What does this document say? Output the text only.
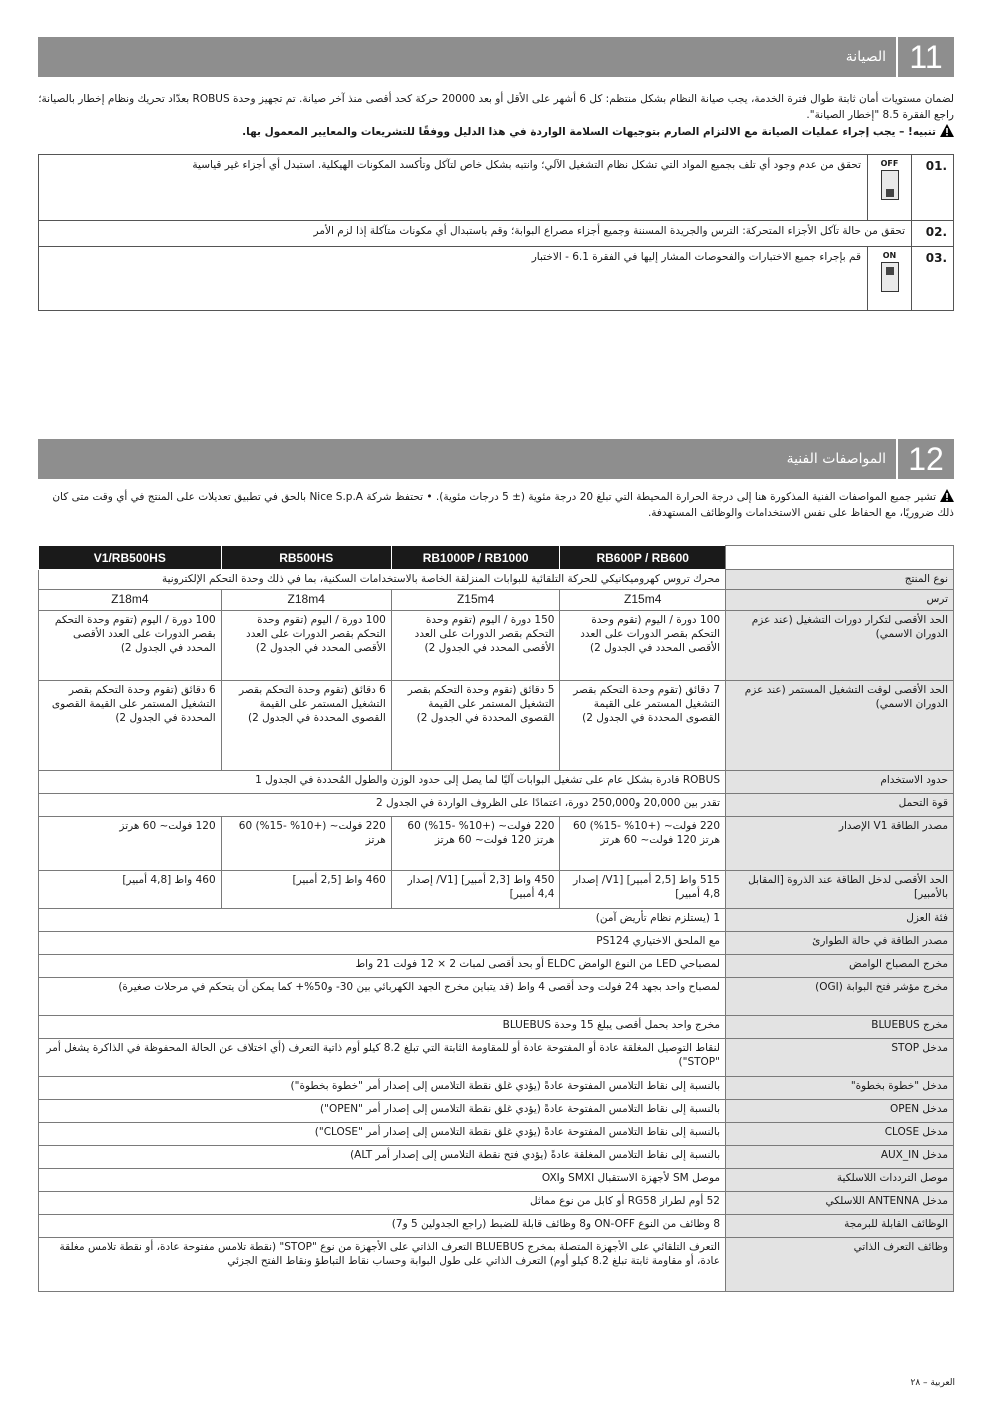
11
الصيانة
لضمان مستويات أمان ثابتة طوال فترة الخدمة، يجب صيانة النظام بشكل منتظم: كل 6 أشهر على الأقل أو بعد 20000 حركة كحد أقصى منذ آخر صيانة. تم تجهيز وحدة ROBUS بعدّاد تحريك ونظام إخطار بالصيانة؛ راجع الفقرة 8.5 "إخطار الصيانة".
تنبيه! – يجب إجراء عمليات الصيانة مع الالتزام الصارم بتوجيهات السلامة الواردة في هذا الدليل ووفقًا للتشريعات والمعايير المعمول بها.
.01	OFF	تحقق من عدم وجود أي تلف بجميع المواد التي تشكل نظام التشغيل الآلي؛ وانتبه بشكل خاص لتآكل وتأكسد المكونات الهيكلية. استبدل أي أجزاء غير قياسية
.02	تحقق من حالة تآكل الأجزاء المتحركة: الترس والجريدة المسننة وجميع أجزاء مصراع البوابة؛ وقم باستبدال أي مكونات متآكلة إذا لزم الأمر	
.03	ON	قم بإجراء جميع الاختبارات والفحوصات المشار إليها في الفقرة 6.1 - الاختبار
12
المواصفات الفنية
تشير جميع المواصفات الفنية المذكورة هنا إلى درجة الحرارة المحيطة التي تبلغ 20 درجة مئوية (± 5 درجات مئوية). • تحتفظ شركة Nice S.p.A بالحق في تطبيق تعديلات على المنتج في أي وقت متى كان ذلك ضروريًا، مع الحفاظ على نفس الاستخدامات والوظائف المستهدفة.
	RB600P / RB600	RB1000P / RB1000	RB500HS	V1/RB500HS
نوع المنتج	محرك تروس كهروميكانيكي للحركة التلقائية للبوابات المنزلقة الخاصة بالاستخدامات السكنية، بما في ذلك وحدة التحكم الإلكترونية			
ترس	Z15m4	Z15m4	Z18m4	Z18m4
الحد الأقصى لتكرار دورات التشغيل (عند عزم الدوران الاسمي)	100 دورة / اليوم (تقوم وحدة التحكم بقصر الدورات على العدد الأقصى المحدد في الجدول 2)	150 دورة / اليوم (تقوم وحدة التحكم بقصر الدورات على العدد الأقصى المحدد في الجدول 2)	100 دورة / اليوم (تقوم وحدة التحكم بقصر الدورات على العدد الأقصى المحدد في الجدول 2)	100 دورة / اليوم (تقوم وحدة التحكم بقصر الدورات على العدد الأقصى المحدد في الجدول 2)
الحد الأقصى لوقت التشغيل المستمر (عند عزم الدوران الاسمي)	7 دقائق (تقوم وحدة التحكم بقصر التشغيل المستمر على القيمة القصوى المحددة في الجدول 2)	5 دقائق (تقوم وحدة التحكم بقصر التشغيل المستمر على القيمة القصوى المحددة في الجدول 2)	6 دقائق (تقوم وحدة التحكم بقصر التشغيل المستمر على القيمة القصوى المحددة في الجدول 2)	6 دقائق (تقوم وحدة التحكم بقصر التشغيل المستمر على القيمة القصوى المحددة في الجدول 2)
حدود الاستخدام	ROBUS قادرة بشكل عام على تشغيل البوابات آليًا لما يصل إلى حدود الوزن والطول المُحددة في الجدول 1			
قوة التحمل	تقدر بين 20,000 و250,000 دورة، اعتمادًا على الظروف الواردة في الجدول 2			
مصدر الطاقة V1 الإصدار	220 فولت~ (+10% -15%) 60 هرتز 120 فولت~ 60 هرتز	220 فولت~ (+10% -15%) 60 هرتز 120 فولت~ 60 هرتز	220 فولت~ (+10% -15%) 60 هرتز	120 فولت~ 60 هرتز
الحد الأقصى لدخل الطاقة عند الذروة [المقابل بالأمبير]	515 واط [2,5 أمبير] [V1/ إصدار 4,8 أمبير]	450 واط [2,3 أمبير] [V1/ إصدار 4,4 أمبير]	460 واط [2,5 أمبير]	460 واط [4,8 أمبير]
فئة العزل	1 (يستلزم نظام تأريض آمن)			
مصدر الطاقة في حالة الطوارئ	مع الملحق الاختياري PS124			
مخرج المصباح الوامض	لمصباحي LED من النوع الوامض ELDC أو بحد أقصى لمبات 2 × 12 فولت 21 واط			
مخرج مؤشر فتح البوابة (OGI)	لمصباح واحد بجهد 24 فولت وحد أقصى 4 واط (قد يتباين مخرج الجهد الكهربائي بين 30- و50%+ كما يمكن أن يتحكم في مرحلات صغيرة)			
مخرج BLUEBUS	مخرج واحد بحمل أقصى يبلغ 15 وحدة BLUEBUS			
مدخل STOP	لنقاط التوصيل المغلقة عادة أو المفتوحة عادة أو للمقاومة الثابتة التي تبلغ 8.2 كيلو أوم ذاتية التعرف (أي اختلاف عن الحالة المحفوظة في الذاكرة يشغل أمر "STOP")			
مدخل "خطوة بخطوة"	بالنسبة إلى نقاط التلامس المفتوحة عادةً (يؤدي غلق نقطة التلامس إلى إصدار أمر "خطوة بخطوة")			
مدخل OPEN	بالنسبة إلى نقاط التلامس المفتوحة عادةً (يؤدي غلق نقطة التلامس إلى إصدار أمر "OPEN")			
مدخل CLOSE	بالنسبة إلى نقاط التلامس المفتوحة عادةً (يؤدي غلق نقطة التلامس إلى إصدار أمر "CLOSE")			
مدخل AUX_IN	بالنسبة إلى نقاط التلامس المغلقة عادةً (يؤدي فتح نقطة التلامس إلى إصدار أمر ALT)			
موصل الترددات اللاسلكية	موصل SM لأجهزة الاستقبال SMXI وOXI			
مدخل ANTENNA اللاسلكي	52 أوم لطراز RG58 أو كابل من نوع مماثل			
الوظائف القابلة للبرمجة	8 وظائف من النوع ON-OFF و8 وظائف قابلة للضبط (راجع الجدولين 5 و7)			
وظائف التعرف الذاتي	التعرف التلقائي على الأجهزة المتصلة بمخرج BLUEBUS التعرف الذاتي على الأجهزة من نوع "STOP" (نقطة تلامس مفتوحة عادة، أو نقطة تلامس مغلقة عادة، أو مقاومة ثابتة تبلغ 8.2 كيلو أوم) التعرف الذاتي على طول البوابة وحساب نقاط التباطؤ ونقاط الفتح الجزئي			
العربية – ٢٨
